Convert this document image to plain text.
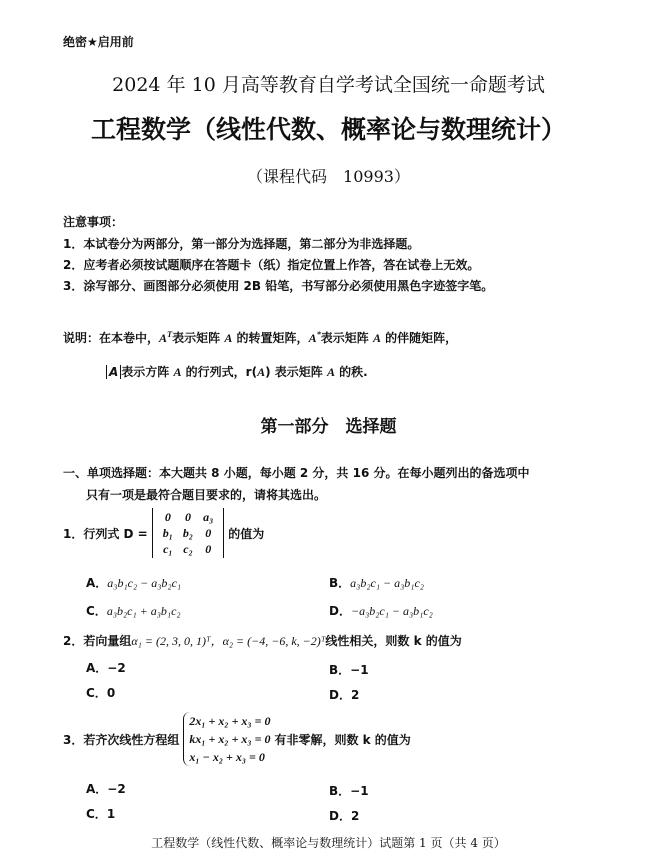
绝密★启用前
2024 年 10 月高等教育自学考试全国统一命题考试
工程数学（线性代数、概率论与数理统计）
（课程代码　10993）
注意事项：
1．本试卷分为两部分，第一部分为选择题，第二部分为非选择题。
2．应考者必须按试题顺序在答题卡（纸）指定位置上作答，答在试卷上无效。
3．涂写部分、画图部分必须使用 2B 铅笔，书写部分必须使用黑色字迹签字笔。
说明：在本卷中，$A^T$表示矩阵 A 的转置矩阵，A*表示矩阵 A 的伴随矩阵，
A 表示方阵 A 的行列式，r(A) 表示矩阵 A 的秩.
第一部分　选择题
一、单项选择题：本大题共 8 小题，每小题 2 分，共 16 分。在每小题列出的备选项中
只有一项是最符合题目要求的，请将其选出。
1． 行列式 D =
0	0	a₃
b₁	b₂	0
c₁	c₂	0
的值为
A．a₃b₁c₂ − a₃b₂c₁	B．a₃b₂c₁ − a₃b₁c₂
C．a₃b₂c₁ + a₃b₁c₂	D．−a₃b₂c₁ − a₃b₁c₂
2．若向量组α₁ = (2, 3, 0, 1)ᵀ，α₂ = (−4, −6, k, −2)ᵀ线性相关，则数 k 的值为
A．−2	B．−1
C．0	D．2
3． 若齐次线性方程组
2x₁ + x₂ + x₃ = 0
kx₁ + x₂ + x₃ = 0
x₁ − x₂ + x₃ = 0
有非零解，则数 k 的值为
A．−2	B．−1
C．1	D．2
工程数学（线性代数、概率论与数理统计）试题第 1 页（共 4 页）
